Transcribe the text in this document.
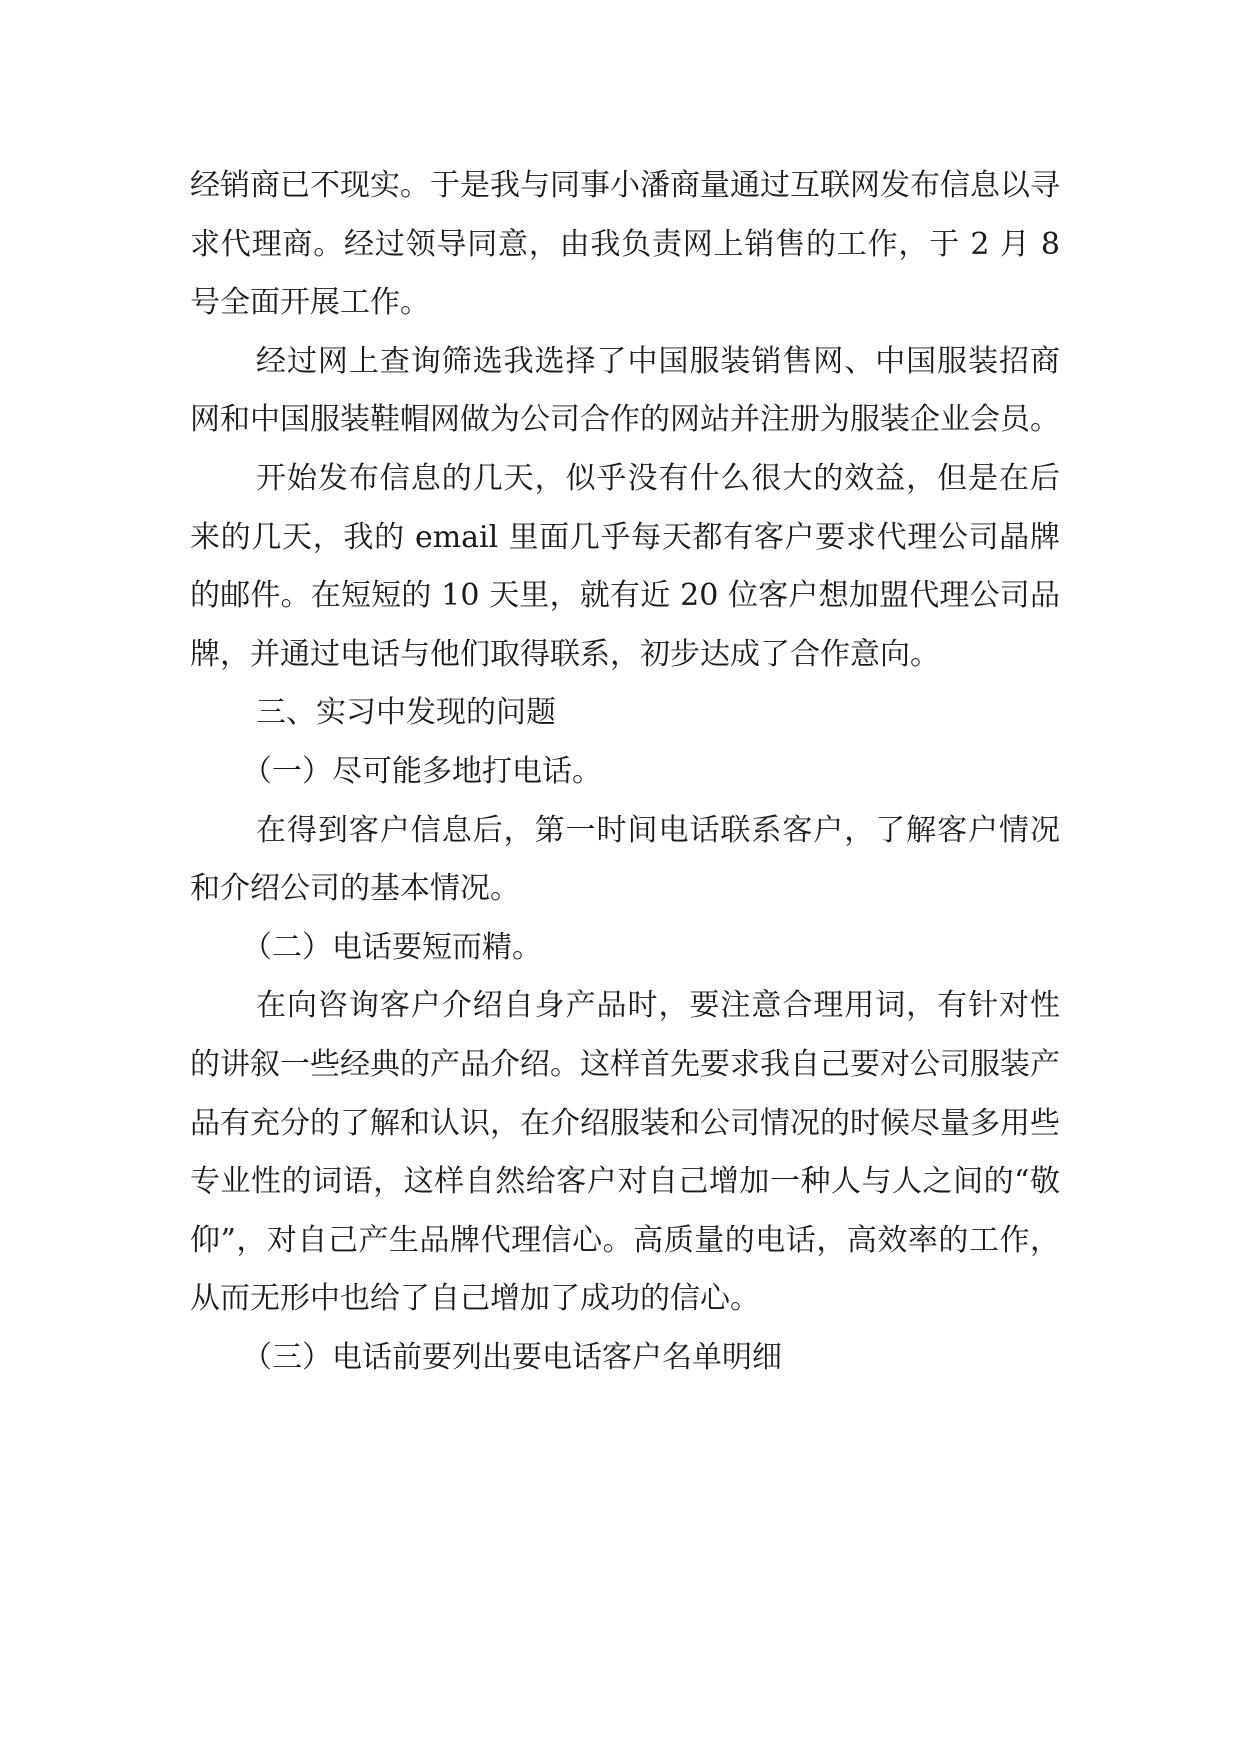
经销商已不现实。于是我与同事小潘商量通过互联网发布信息以寻求代理商。经过领导同意，由我负责网上销售的工作，于 2 月 8 号全面开展工作。

经过网上查询筛选我选择了中国服装销售网、中国服装招商网和中国服装鞋帽网做为公司合作的网站并注册为服装企业会员。

开始发布信息的几天，似乎没有什么很大的效益，但是在后来的几天，我的 email 里面几乎每天都有客户要求代理公司晶牌的邮件。在短短的 10 天里，就有近 20 位客户想加盟代理公司品牌，并通过电话与他们取得联系，初步达成了合作意向。

三、实习中发现的问题

（一）尽可能多地打电话。

在得到客户信息后，第一时间电话联系客户，了解客户情况和介绍公司的基本情况。

（二）电话要短而精。

在向咨询客户介绍自身产品时，要注意合理用词，有针对性的讲叙一些经典的产品介绍。这样首先要求我自己要对公司服装产品有充分的了解和认识，在介绍服装和公司情况的时候尽量多用些专业性的词语，这样自然给客户对自己增加一种人与人之间的“敬仰”，对自己产生品牌代理信心。高质量的电话，高效率的工作，从而无形中也给了自己增加了成功的信心。

（三）电话前要列出要电话客户名单明细
